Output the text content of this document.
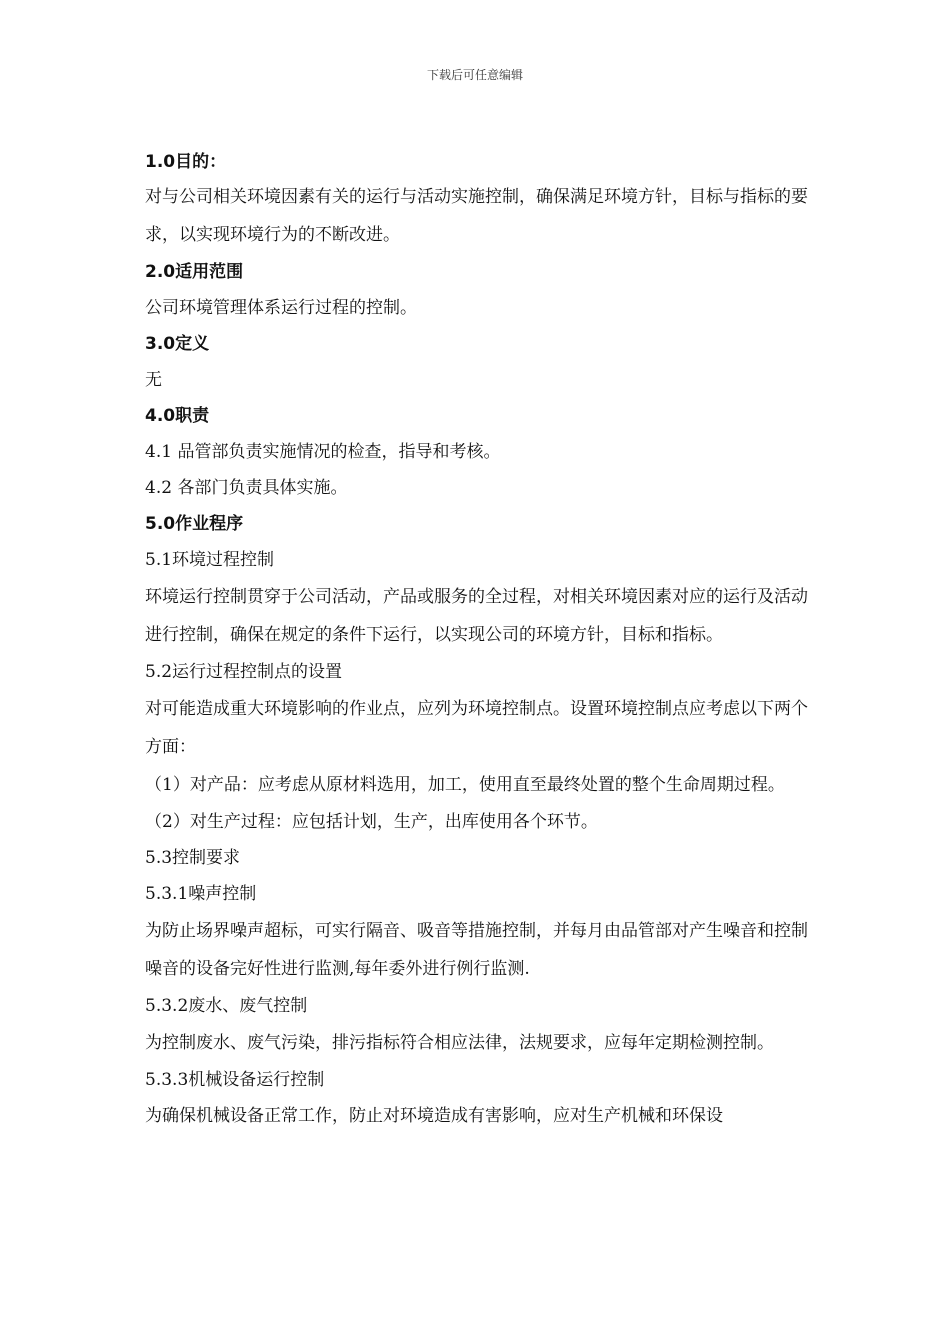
下载后可任意编辑
1.0目的：
对与公司相关环境因素有关的运行与活动实施控制，确保满足环境方针，目标与指标的要求，以实现环境行为的不断改进。
2.0适用范围
公司环境管理体系运行过程的控制。
3.0定义
无
4.0职责
4.1 品管部负责实施情况的检查，指导和考核。
4.2 各部门负责具体实施。
5.0作业程序
5.1环境过程控制
环境运行控制贯穿于公司活动，产品或服务的全过程，对相关环境因素对应的运行及活动进行控制，确保在规定的条件下运行，以实现公司的环境方针，目标和指标。
5.2运行过程控制点的设置
对可能造成重大环境影响的作业点，应列为环境控制点。设置环境控制点应考虑以下两个方面：
（1）对产品：应考虑从原材料选用，加工，使用直至最终处置的整个生命周期过程。
（2）对生产过程：应包括计划，生产，出库使用各个环节。
5.3控制要求
5.3.1噪声控制
为防止场界噪声超标，可实行隔音、吸音等措施控制，并每月由品管部对产生噪音和控制噪音的设备完好性进行监测,每年委外进行例行监测.
5.3.2废水、废气控制
为控制废水、废气污染，排污指标符合相应法律，法规要求，应每年定期检测控制。
5.3.3机械设备运行控制
为确保机械设备正常工作，防止对环境造成有害影响，应对生产机械和环保设
